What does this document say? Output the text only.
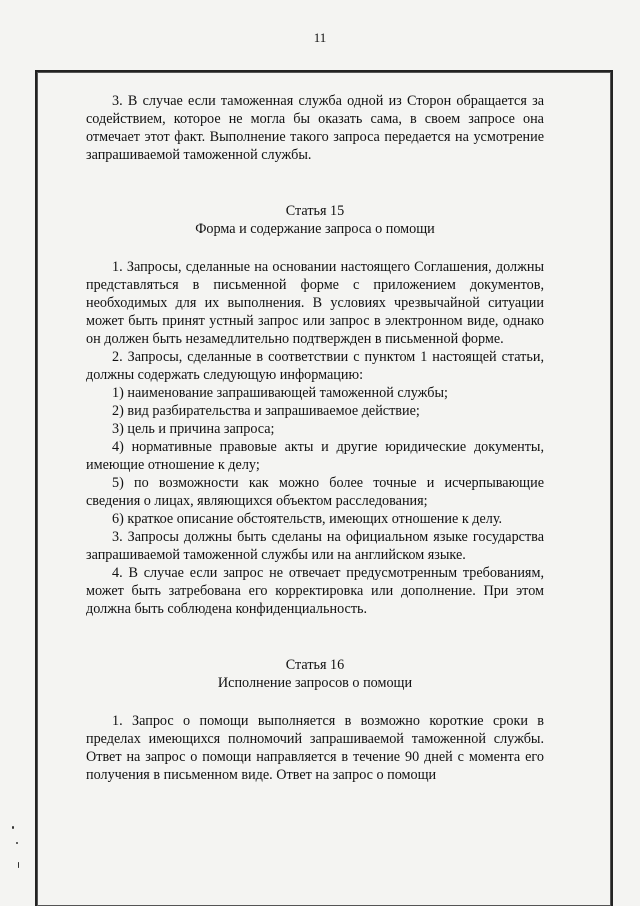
11

3. В случае если таможенная служба одной из Сторон обращается за содействием, которое не могла бы оказать сама, в своем запросе она отмечает этот факт. Выполнение такого запроса передается на усмотрение запрашиваемой таможенной службы.

Статья 15

Форма и содержание запроса о помощи

1. Запросы, сделанные на основании настоящего Соглашения, должны представляться в письменной форме с приложением документов, необходимых для их выполнения. В условиях чрезвычайной ситуации может быть принят устный запрос или запрос в электронном виде, однако он должен быть незамедлительно подтвержден в письменной форме.

2. Запросы, сделанные в соответствии с пунктом 1 настоящей статьи, должны содержать следующую информацию:

1) наименование запрашивающей таможенной службы;

2) вид разбирательства и запрашиваемое действие;

3) цель и причина запроса;

4) нормативные правовые акты и другие юридические документы, имеющие отношение к делу;

5) по возможности как можно более точные и исчерпывающие сведения о лицах, являющихся объектом расследования;

6) краткое описание обстоятельств, имеющих отношение к делу.

3. Запросы должны быть сделаны на официальном языке государства запрашиваемой таможенной службы или на английском языке.

4. В случае если запрос не отвечает предусмотренным требованиям, может быть затребована его корректировка или дополнение. При этом должна быть соблюдена конфиденциальность.

Статья 16

Исполнение запросов о помощи

1. Запрос о помощи выполняется в возможно короткие сроки в пределах имеющихся полномочий запрашиваемой таможенной службы. Ответ на запрос о помощи направляется в течение 90 дней с момента его получения в письменном виде. Ответ на запрос о помощи
